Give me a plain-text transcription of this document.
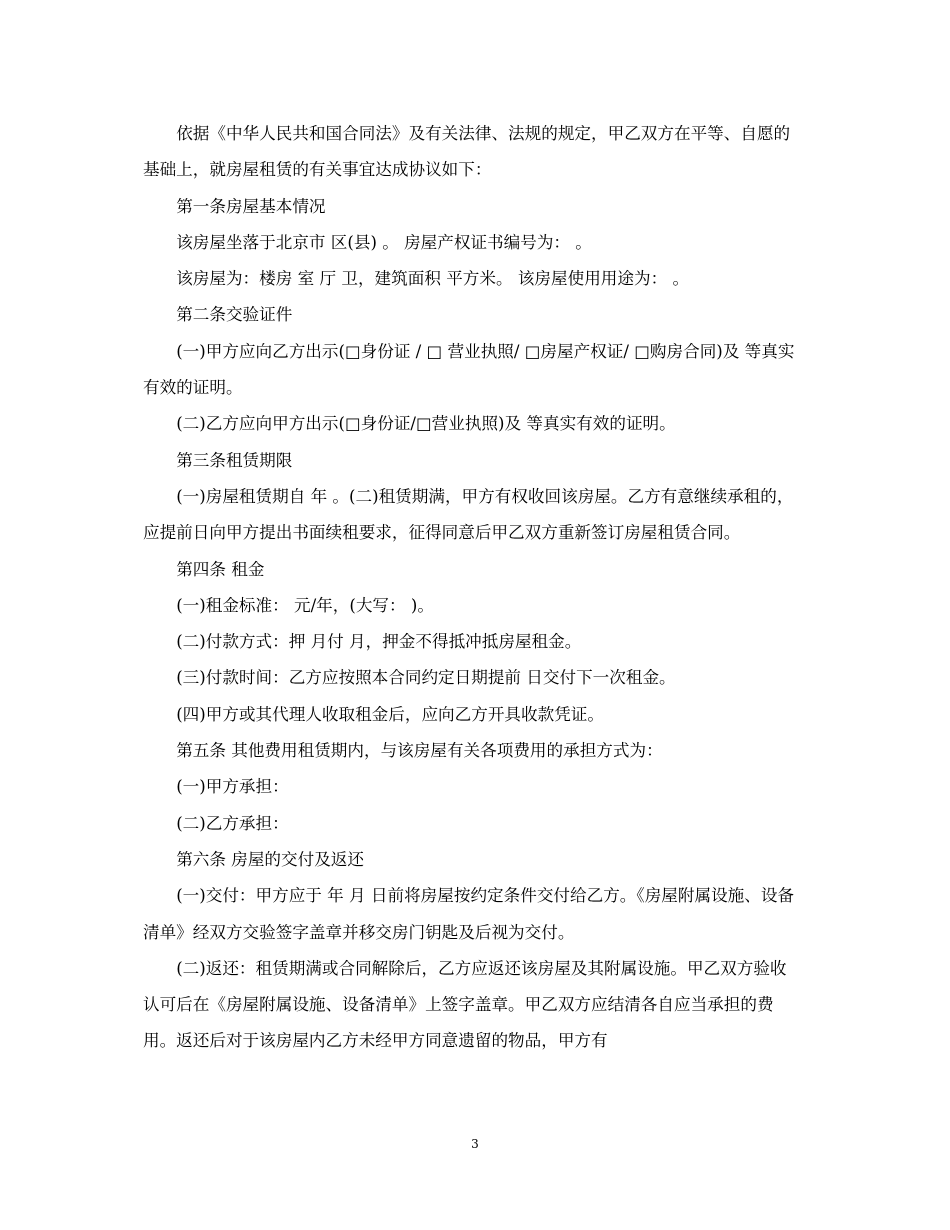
依据《中华人民共和国合同法》及有关法律、法规的规定，甲乙双方在平等、自愿的基础上，就房屋租赁的有关事宜达成协议如下：

第一条房屋基本情况

该房屋坐落于北京市 区(县) 。 房屋产权证书编号为： 。

该房屋为：楼房 室 厅 卫，建筑面积 平方米。 该房屋使用用途为： 。

第二条交验证件

(一)甲方应向乙方出示(□身份证 / □ 营业执照/ □房屋产权证/ □购房合同)及 等真实有效的证明。

(二)乙方应向甲方出示(□身份证/□营业执照)及 等真实有效的证明。

第三条租赁期限

(一)房屋租赁期自 年 。(二)租赁期满，甲方有权收回该房屋。乙方有意继续承租的，应提前日向甲方提出书面续租要求，征得同意后甲乙双方重新签订房屋租赁合同。

第四条 租金

(一)租金标准： 元/年，(大写： )。

(二)付款方式：押 月付 月，押金不得抵冲抵房屋租金。

(三)付款时间：乙方应按照本合同约定日期提前 日交付下一次租金。

(四)甲方或其代理人收取租金后，应向乙方开具收款凭证。

第五条 其他费用租赁期内，与该房屋有关各项费用的承担方式为：

(一)甲方承担：

(二)乙方承担：

第六条 房屋的交付及返还

(一)交付：甲方应于 年 月 日前将房屋按约定条件交付给乙方。《房屋附属设施、设备清单》经双方交验签字盖章并移交房门钥匙及后视为交付。

(二)返还：租赁期满或合同解除后，乙方应返还该房屋及其附属设施。甲乙双方验收认可后在《房屋附属设施、设备清单》上签字盖章。甲乙双方应结清各自应当承担的费用。返还后对于该房屋内乙方未经甲方同意遗留的物品，甲方有

3
